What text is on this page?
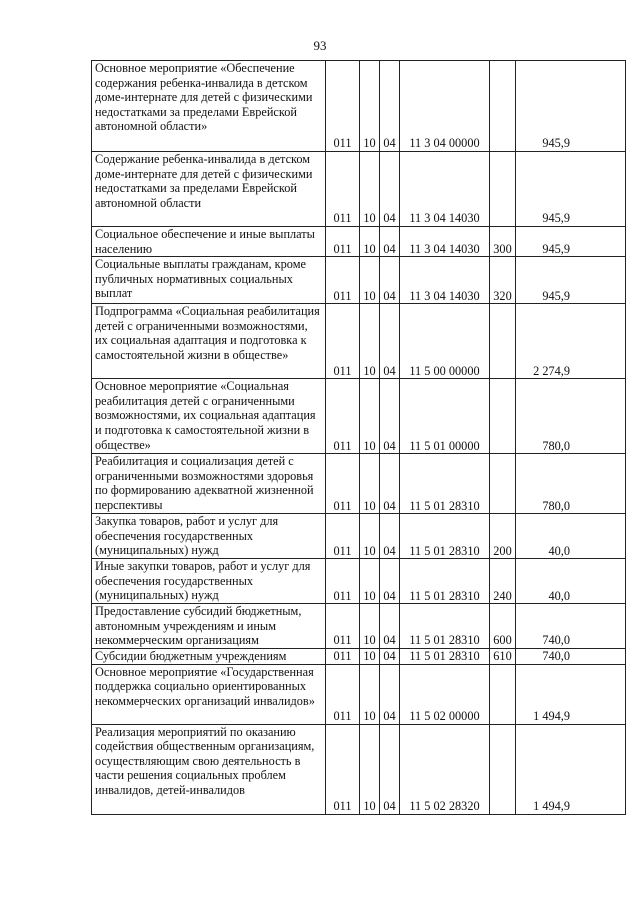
93
Основное мероприятие «Обеспечение содержания ребенка-инвалида в детском доме-интернате для детей с физическими недостатками за пределами Еврейской автономной области»	011	10	04	11 3 04 00000		945,9
Содержание ребенка-инвалида в детском доме-интернате для детей с физическими недостатками за пределами Еврейской автономной области	011	10	04	11 3 04 14030		945,9
Социальное обеспечение и иные выплаты населению	011	10	04	11 3 04 14030	300	945,9
Социальные выплаты гражданам, кроме публичных нормативных социальных выплат	011	10	04	11 3 04 14030	320	945,9
Подпрограмма «Социальная реабилитация детей с ограниченными возможностями, их социальная адаптация и подготовка к самостоятельной жизни в обществе»	011	10	04	11 5 00 00000		2 274,9
Основное мероприятие «Социальная реабилитация детей с ограниченными возможностями, их социальная адаптация и подготовка к самостоятельной жизни в обществе»	011	10	04	11 5 01 00000		780,0
Реабилитация и социализация детей с ограниченными возможностями здоровья по формированию адекватной жизненной перспективы	011	10	04	11 5 01 28310		780,0
Закупка товаров, работ и услуг для обеспечения государственных (муниципальных) нужд	011	10	04	11 5 01 28310	200	40,0
Иные закупки товаров, работ и услуг для обеспечения государственных (муниципальных) нужд	011	10	04	11 5 01 28310	240	40,0
Предоставление субсидий бюджетным, автономным учреждениям и иным некоммерческим организациям	011	10	04	11 5 01 28310	600	740,0
Субсидии бюджетным учреждениям	011	10	04	11 5 01 28310	610	740,0
Основное мероприятие «Государственная поддержка социально ориентированных некоммерческих организаций инвалидов»	011	10	04	11 5 02 00000		1 494,9
Реализация мероприятий по оказанию содействия общественным организациям, осуществляющим свою деятельность в части решения социальных проблем инвалидов, детей-инвалидов	011	10	04	11 5 02 28320		1 494,9
